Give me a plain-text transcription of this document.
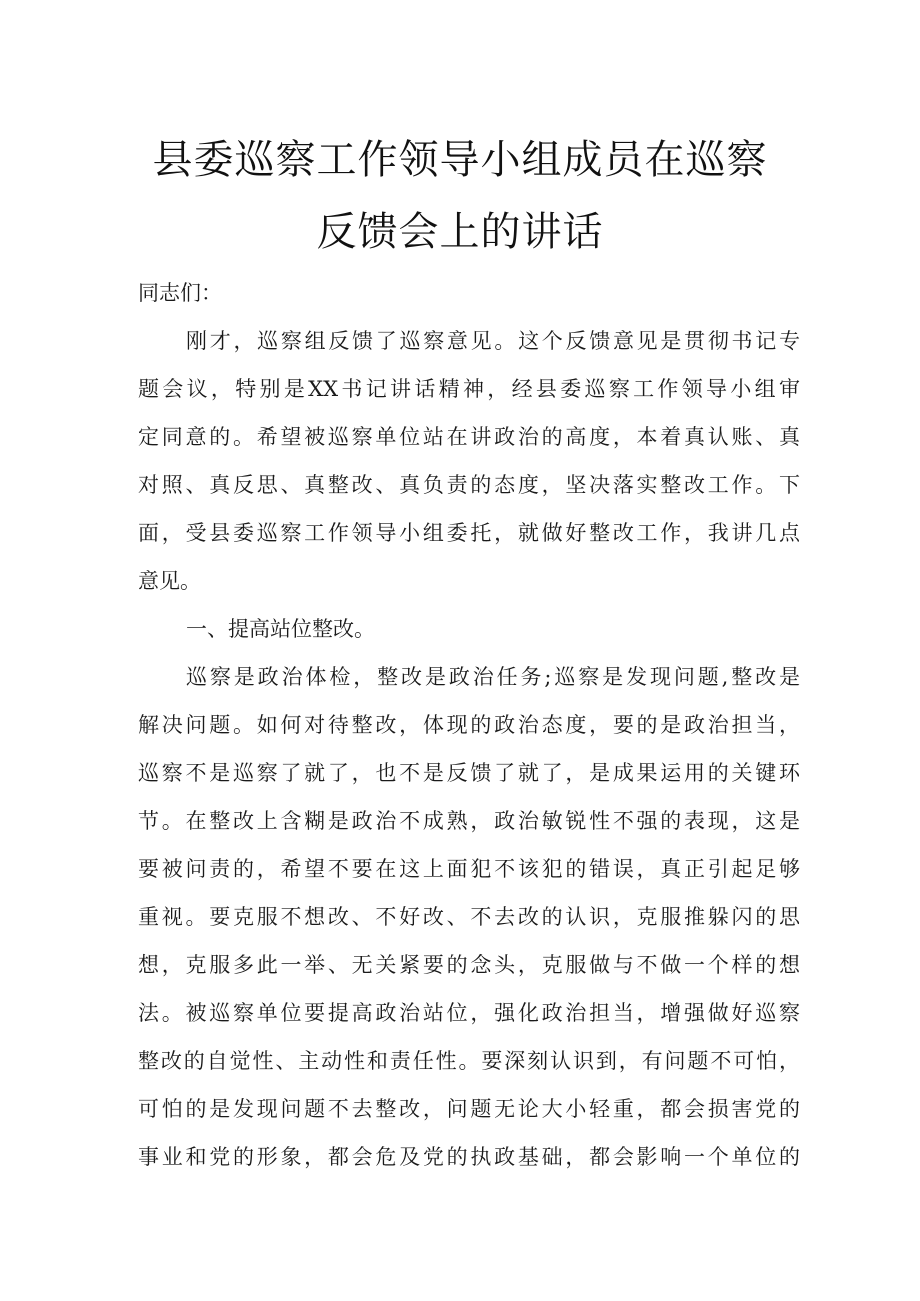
县委巡察工作领导小组成员在巡察
反馈会上的讲话
同志们：
刚才，巡察组反馈了巡察意见。这个反馈意见是贯彻书记专
题会议，特别是XX书记讲话精神，经县委巡察工作领导小组审
定同意的。希望被巡察单位站在讲政治的高度，本着真认账、真
对照、真反思、真整改、真负责的态度，坚决落实整改工作。下
面，受县委巡察工作领导小组委托，就做好整改工作，我讲几点
意见。
一、提高站位整改。
巡察是政治体检，整改是政治任务;巡察是发现问题,整改是
解决问题。如何对待整改，体现的政治态度，要的是政治担当，
巡察不是巡察了就了，也不是反馈了就了，是成果运用的关键环
节。在整改上含糊是政治不成熟，政治敏锐性不强的表现，这是
要被问责的，希望不要在这上面犯不该犯的错误，真正引起足够
重视。要克服不想改、不好改、不去改的认识，克服推躲闪的思
想，克服多此一举、无关紧要的念头，克服做与不做一个样的想
法。被巡察单位要提高政治站位，强化政治担当，增强做好巡察
整改的自觉性、主动性和责任性。要深刻认识到，有问题不可怕，
可怕的是发现问题不去整改，问题无论大小轻重，都会损害党的
事业和党的形象，都会危及党的执政基础，都会影响一个单位的
